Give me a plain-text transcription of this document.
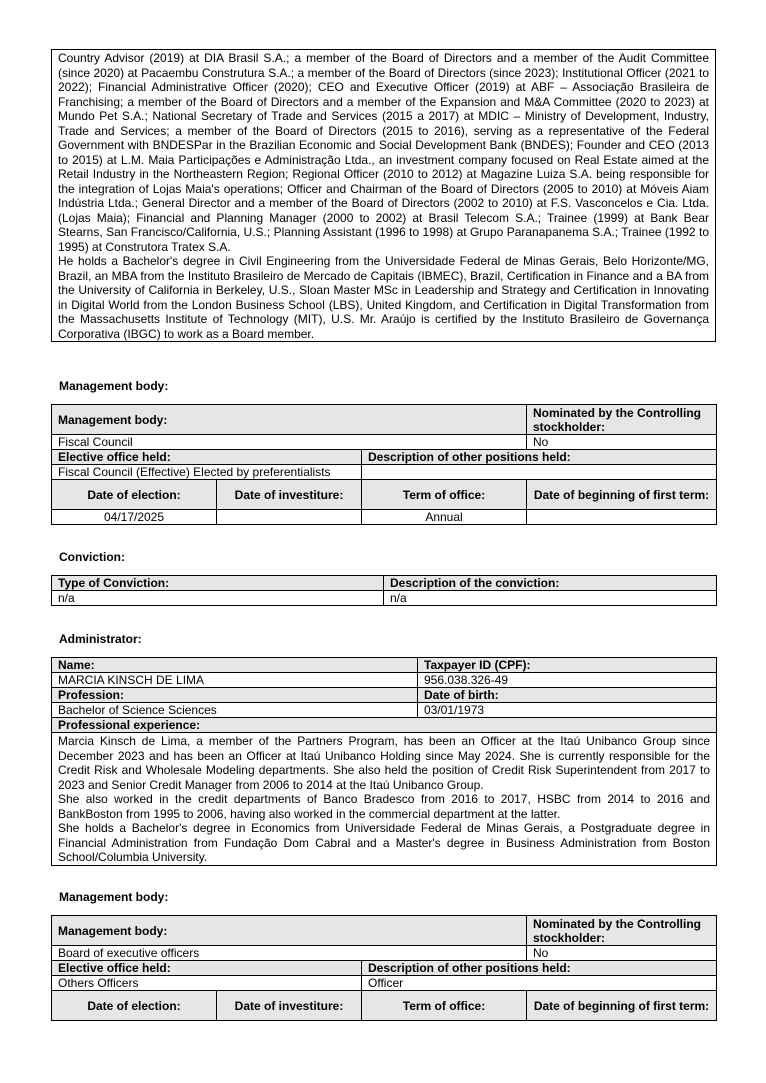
Country Advisor (2019) at DIA Brasil S.A.; a member of the Board of Directors and a member of the Audit Committee (since 2020) at Pacaembu Construtura S.A.; a member of the Board of Directors (since 2023); Institutional Officer (2021 to 2022); Financial Administrative Officer (2020); CEO and Executive Officer (2019) at ABF – Associação Brasileira de Franchising; a member of the Board of Directors and a member of the Expansion and M&A Committee (2020 to 2023) at Mundo Pet S.A.; National Secretary of Trade and Services (2015 a 2017) at MDIC – Ministry of Development, Industry, Trade and Services; a member of the Board of Directors (2015 to 2016), serving as a representative of the Federal Government with BNDESPar in the Brazilian Economic and Social Development Bank (BNDES); Founder and CEO (2013 to 2015) at L.M. Maia Participações e Administração Ltda., an investment company focused on Real Estate aimed at the Retail Industry in the Northeastern Region; Regional Officer (2010 to 2012) at Magazine Luiza S.A. being responsible for the integration of Lojas Maia's operations; Officer and Chairman of the Board of Directors (2005 to 2010) at Móveis Aiam Indústria Ltda.; General Director and a member of the Board of Directors (2002 to 2010) at F.S. Vasconcelos e Cia. Ltda. (Lojas Maia); Financial and Planning Manager (2000 to 2002) at Brasil Telecom S.A.; Trainee (1999) at Bank Bear Stearns, San Francisco/California, U.S.; Planning Assistant (1996 to 1998) at Grupo Paranapanema S.A.; Trainee (1992 to 1995) at Construtora Tratex S.A.
He holds a Bachelor's degree in Civil Engineering from the Universidade Federal de Minas Gerais, Belo Horizonte/MG, Brazil, an MBA from the Instituto Brasileiro de Mercado de Capitais (IBMEC), Brazil, Certification in Finance and a BA from the University of California in Berkeley, U.S., Sloan Master MSc in Leadership and Strategy and Certification in Innovating in Digital World from the London Business School (LBS), United Kingdom, and Certification in Digital Transformation from the Massachusetts Institute of Technology (MIT), U.S. Mr. Araújo is certified by the Instituto Brasileiro de Governança Corporativa (IBGC) to work as a Board member.
Management body:
Management body:			Nominated by the Controlling stockholder:
Fiscal Council			No
Elective office held:		Description of other positions held:	
Fiscal Council (Effective) Elected by preferentialists			
Date of election:	Date of investiture:	Term of office:	Date of beginning of first term:
04/17/2025		Annual	
Conviction:
Type of Conviction:	Description of the conviction:
n/a	n/a
Administrator:
Name:	Taxpayer ID (CPF):
MARCIA KINSCH DE LIMA	956.038.326-49
Profession:	Date of birth:
Bachelor of Science Sciences	03/01/1973
Professional experience:	

Marcia Kinsch de Lima, a member of the Partners Program, has been an Officer at the Itaú Unibanco Group since December 2023 and has been an Officer at Itaú Unibanco Holding since May 2024. She is currently responsible for the Credit Risk and Wholesale Modeling departments. She also held the position of Credit Risk Superintendent from 2017 to 2023 and Senior Credit Manager from 2006 to 2014 at the Itaú Unibanco Group.
She also worked in the credit departments of Banco Bradesco from 2016 to 2017, HSBC from 2014 to 2016 and BankBoston from 1995 to 2006, having also worked in the commercial department at the latter.
She holds a Bachelor's degree in Economics from Universidade Federal de Minas Gerais, a Postgraduate degree in Financial Administration from Fundação Dom Cabral and a Master's degree in Business Administration from Boston School/Columbia University.	
Management body:
Management body:			Nominated by the Controlling stockholder:
Board of executive officers			No
Elective office held:		Description of other positions held:	
Others Officers		Officer	
Date of election:	Date of investiture:	Term of office:	Date of beginning of first term:
